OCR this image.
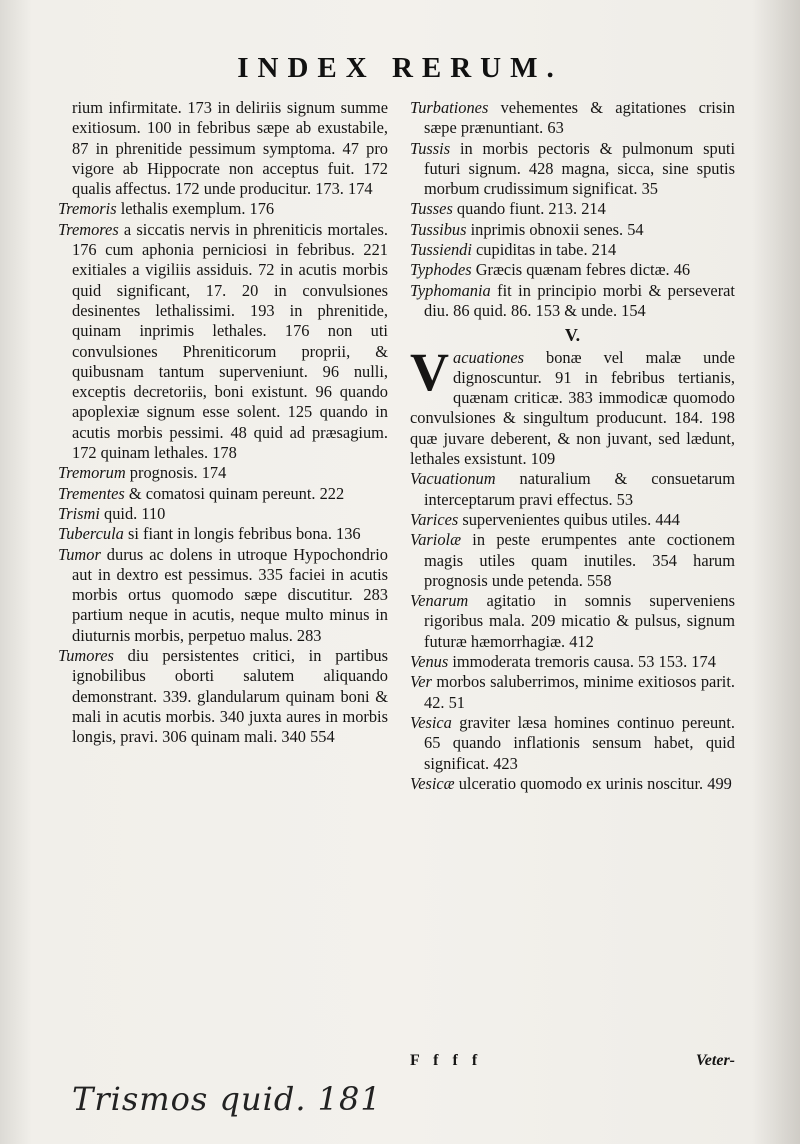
INDEX RERUM.

rium infirmitate. 173 in deliriis signum summe exitiosum. 100 in febribus sæpe ab exustabile, 87 in phrenitide pessimum symptoma. 47 pro vigore ab Hippocrate non acceptus fuit. 172 qualis affectus. 172 unde producitur. 173. 174

Tremoris lethalis exemplum. 176

Tremores a siccatis nervis in phreniticis mortales. 176 cum aphonia perniciosi in febribus. 221 exitiales a vigiliis assiduis. 72 in acutis morbis quid significant, 17. 20 in convulsiones desinentes lethalissimi. 193 in phrenitide, quinam inprimis lethales. 176 non uti convulsiones Phreniticorum proprii, & quibusnam tantum superveniunt. 96 nulli, exceptis decretoriis, boni existunt. 96 quando apoplexiæ signum esse solent. 125 quando in acutis morbis pessimi. 48 quid ad præsagium. 172 quinam lethales. 178

Tremorum prognosis. 174

Trementes & comatosi quinam pereunt. 222

Trismi quid. 110

Tubercula si fiant in longis febribus bona. 136

Tumor durus ac dolens in utroque Hypochondrio aut in dextro est pessimus. 335 faciei in acutis morbis ortus quomodo sæpe discutitur. 283 partium neque in acutis, neque multo minus in diuturnis morbis, perpetuo malus. 283

Tumores diu persistentes critici, in partibus ignobilibus oborti salutem aliquando demonstrant. 339. glandularum quinam boni & mali in acutis morbis. 340 juxta aures in morbis longis, pravi. 306 quinam mali. 340 554

Turbationes vehementes & agitationes crisin sæpe prænuntiant. 63

Tussis in morbis pectoris & pulmonum sputi futuri signum. 428 magna, sicca, sine sputis morbum crudissimum significat. 35

Tusses quando fiunt. 213. 214

Tussibus inprimis obnoxii senes. 54

Tussiendi cupiditas in tabe. 214

Typhodes Græcis quænam febres dictæ. 46

Typhomania fit in principio morbi & perseverat diu. 86 quid. 86. 153 & unde. 154

V.

Vacuationes bonæ vel malæ unde dignoscuntur. 91 in febribus tertianis, quænam criticæ. 383 immodicæ quomodo convulsiones & singultum producunt. 184. 198 quæ juvare deberent, & non juvant, sed lædunt, lethales exsistunt. 109

Vacuationum naturalium & consuetarum interceptarum pravi effectus. 53

Varices supervenientes quibus utiles. 444

Variolæ in peste erumpentes ante coctionem magis utiles quam inutiles. 354 harum prognosis unde petenda. 558

Venarum agitatio in somnis superveniens rigoribus mala. 209 micatio & pulsus, signum futuræ hæmorrhagiæ. 412

Venus immoderata tremoris causa. 53 153. 174

Ver morbos saluberrimos, minime exitiosos parit. 42. 51

Vesica graviter læsa homines continuo pereunt. 65 quando inflationis sensum habet, quid significat. 423

Vesicæ ulceratio quomodo ex urinis noscitur. 499

F f f f	Veter-
Trismos quid. 181
